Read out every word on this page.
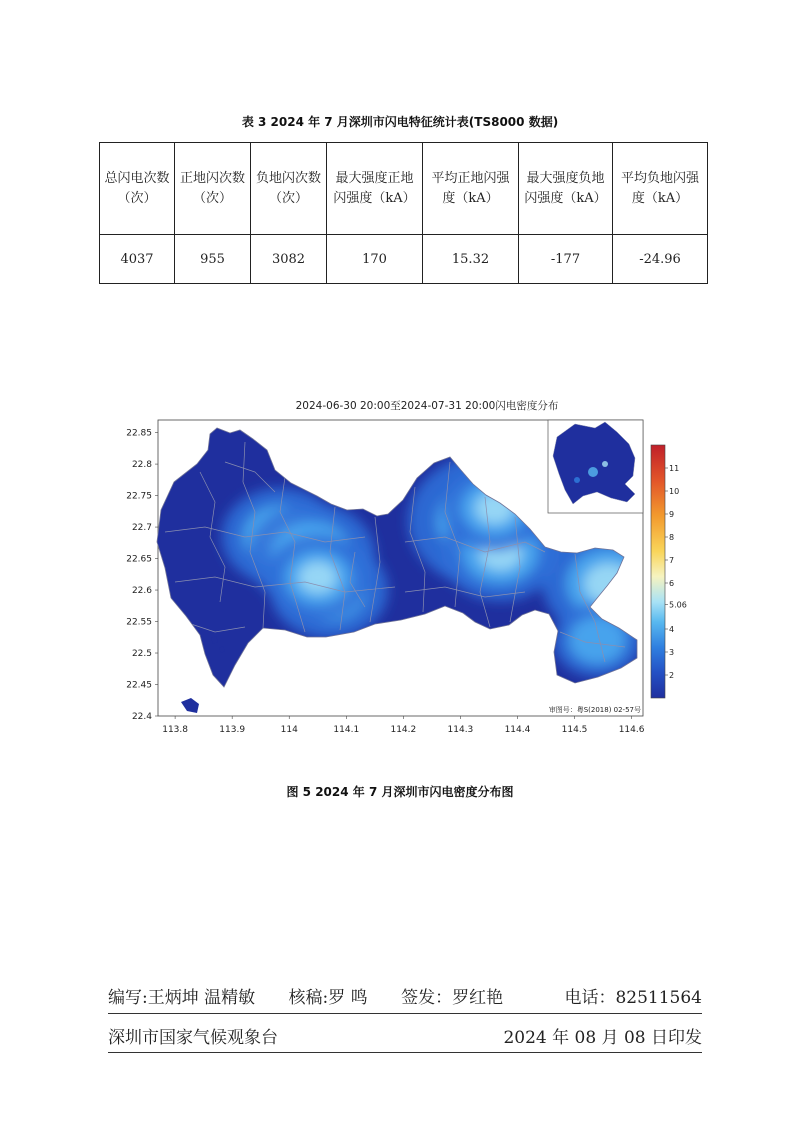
表 3 2024 年 7 月深圳市闪电特征统计表(TS8000 数据)
总闪电次数（次）	正地闪次数（次）	负地闪次数（次）	最大强度正地闪强度（kA）	平均正地闪强度（kA）	最大强度负地闪强度（kA）	平均负地闪强度（kA）
4037	955	3082	170	15.32	-177	-24.96
2024-06-30 20:00至2024-07-31 20:00闪电密度分布
审图号：粤S(2018) 02-57号
113.8	113.9	114	114.1	114.2	114.3	114.4	114.5	114.6
22.85
22.8
22.75
22.7
22.65
22.6
22.55
22.5
22.45
22.4
2
3
4
5.06
6
7
8
9
10
11
图 5 2024 年 7 月深圳市闪电密度分布图
编写:王炳坤 温精敏 核稿:罗 鸣 签发：罗红艳	电话：82511564
深圳市国家气候观象台	2024 年 08 月 08 日印发
